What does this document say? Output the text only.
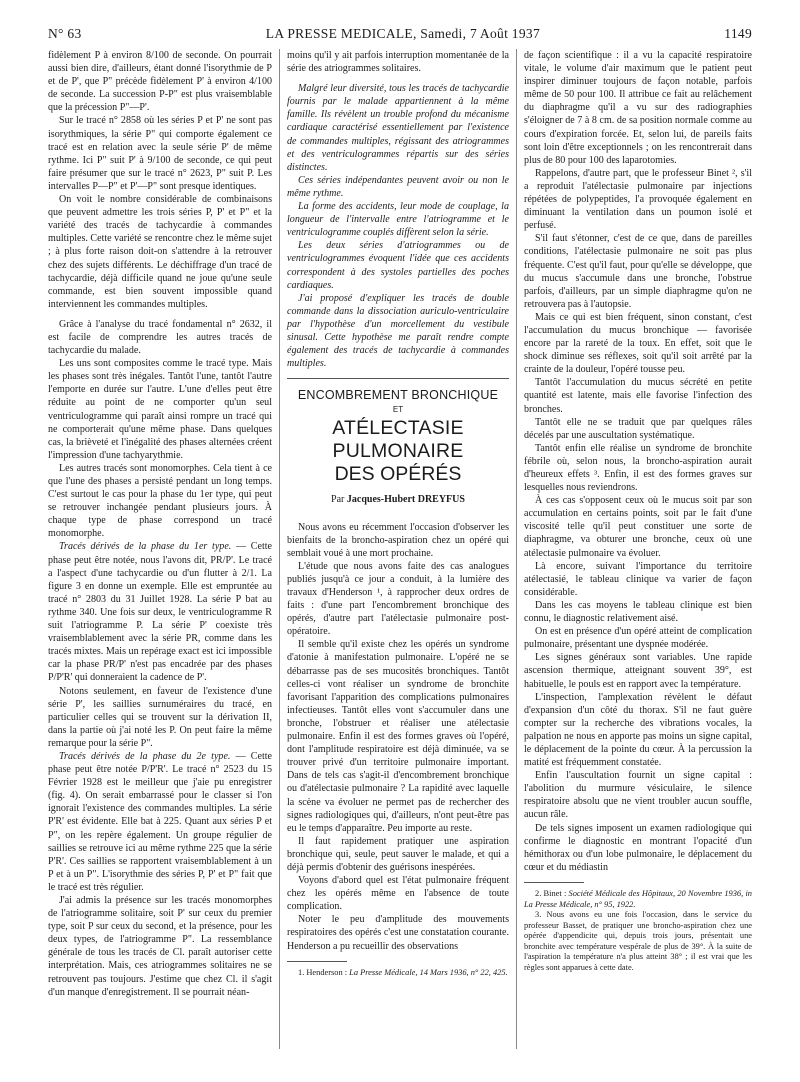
N° 63	LA PRESSE MEDICALE, Samedi, 7 Août 1937	1149

fidèlement P à environ 8/100 de seconde. On pourrait aussi bien dire, d'ailleurs, étant donné l'isorythmie de P et de P', que P" précède fidèlement P' à environ 4/100 de seconde. La succession P-P" est plus vraisemblable que la précession P"—P'.

Sur le tracé n° 2858 où les séries P et P' ne sont pas isorythmiques, la série P" qui comporte également ce tracé est en relation avec la seule série P' de même rythme. Ici P" suit P' à 9/100 de seconde, ce qui peut faire présumer que sur le tracé n° 2623, P" suit P. Les intervalles P—P" et P'—P" sont presque identiques.

On voit le nombre considérable de combinaisons que peuvent admettre les trois séries P, P' et P" et la variété des tracés de tachycardie à commandes multiples. Cette variété se rencontre chez le même sujet ; à plus forte raison doit-on s'attendre à la retrouver chez des sujets différents. Le déchiffrage d'un tracé de tachycardie, déjà difficile quand ne joue qu'une seule commande, est bien souvent impossible quand interviennent les commandes multiples.

Grâce à l'analyse du tracé fondamental n° 2632, il est facile de comprendre les autres tracés de tachycardie du malade.

Les uns sont composites comme le tracé type. Mais les phases sont très inégales. Tantôt l'une, tantôt l'autre l'emporte en durée sur l'autre. L'une d'elles peut être réduite au point de ne comporter qu'un seul ventriculogramme qui paraît ainsi rompre un tracé qui ne comporterait qu'une même phase. Dans quelques cas, la brièveté et l'inégalité des phases alternées créent l'impression d'une tachyarythmie.

Les autres tracés sont monomorphes. Cela tient à ce que l'une des phases a persisté pendant un long temps. C'est surtout le cas pour la phase du 1er type, qui peut se retrouver inchangée pendant plusieurs jours. À chaque type de phase correspond un tracé monomorphe.

Tracés dérivés de la phase du 1er type. — Cette phase peut être notée, nous l'avons dit, PR/P'. Le tracé a l'aspect d'une tachycardie ou d'un flutter à 2/1. La figure 3 en donne un exemple. Elle est empruntée au tracé n° 2803 du 31 Juillet 1928. La série P bat au rythme 340. Une fois sur deux, le ventriculogramme R suit l'atriogramme P. La série P' coexiste très vraisemblablement avec la série PR, comme dans les tracés mixtes. Mais un repérage exact est ici impossible car la phase PR/P' n'est pas encadrée par des phases P/P'R' qui donneraient la cadence de P'.

Notons seulement, en faveur de l'existence d'une série P', les saillies surnuméraires du tracé, en particulier celles qui se trouvent sur la dérivation II, dans la partie où j'ai noté les P. On peut faire la même remarque pour la série P".

Tracés dérivés de la phase du 2e type. — Cette phase peut être notée P/P'R'. Le tracé n° 2523 du 15 Février 1928 est le meilleur que j'aie pu enregistrer (fig. 4). On serait embarrassé pour le classer si l'on ignorait l'existence des commandes multiples. La série P'R' est évidente. Elle bat à 225. Quant aux séries P et P", on les repère également. Un groupe régulier de saillies se retrouve ici au même rythme 225 que la série P'R'. Ces saillies se rapportent vraisemblablement à un P et à un P". L'isorythmie des séries P, P' et P" fait que le tracé est très régulier.

J'ai admis la présence sur les tracés monomorphes de l'atriogramme solitaire, soit P' sur ceux du premier type, soit P sur ceux du second, et la présence, pour les deux types, de l'atriogramme P". La ressemblance générale de tous les tracés de Cl. paraît autoriser cette interprétation. Mais, ces atriogrammes solitaires ne se retrouvent pas toujours. J'estime que chez Cl. il s'agit d'un manque d'enregistrement. Il se pourrait néan-

moins qu'il y ait parfois interruption momentanée de la série des atriogrammes solitaires.

Malgré leur diversité, tous les tracés de tachycardie fournis par le malade appartiennent à la même famille. Ils révèlent un trouble profond du mécanisme cardiaque caractérisé essentiellement par l'existence de commandes multiples, régissant des atriogrammes et des ventriculogrammes répartis sur des séries distinctes.

Ces séries indépendantes peuvent avoir ou non le même rythme.

La forme des accidents, leur mode de couplage, la longueur de l'intervalle entre l'atriogramme et le ventriculogramme couplés diffèrent selon la série.

Les deux séries d'atriogrammes ou de ventriculogrammes évoquent l'idée que ces accidents correspondent à des systoles partielles des poches cardiaques.

J'ai proposé d'expliquer les tracés de double commande dans la dissociation auriculo-ventriculaire par l'hypothèse d'un morcellement du vestibule sinusal. Cette hypothèse me paraît rendre compte également des tracés de tachycardie à commandes multiples.

ENCOMBREMENT BRONCHIQUE
ET
ATÉLECTASIE PULMONAIRE
DES OPÉRÉS
Par Jacques-Hubert DREYFUS

Nous avons eu récemment l'occasion d'observer les bienfaits de la broncho-aspiration chez un opéré qui semblait voué à une mort prochaine.

L'étude que nous avons faite des cas analogues publiés jusqu'à ce jour a conduit, à la lumière des travaux d'Henderson ¹, à rapprocher deux ordres de faits : d'une part l'encombrement bronchique des opérés, d'autre part l'atélectasie pulmonaire post-opératoire.

Il semble qu'il existe chez les opérés un syndrome d'atonie à manifestation pulmonaire. L'opéré ne se débarrasse pas de ses mucosités bronchiques. Tantôt celles-ci vont réaliser un syndrome de bronchite favorisant l'apparition des complications pulmonaires infectieuses. Tantôt elles vont s'accumuler dans une bronche, l'obstruer et réaliser une atélectasie pulmonaire. Enfin il est des formes graves où l'opéré, dont l'amplitude respiratoire est déjà diminuée, va se trouver privé d'un territoire pulmonaire important. Dans de tels cas s'agit-il d'encombrement bronchique ou d'atélectasie pulmonaire ? La rapidité avec laquelle la scène va évoluer ne permet pas de rechercher des signes radiologiques qui, d'ailleurs, n'ont peut-être pas eu le temps d'apparaître. Peu importe au reste.

Il faut rapidement pratiquer une aspiration bronchique qui, seule, peut sauver le malade, et qui a déjà permis d'obtenir des guérisons inespérées.

Voyons d'abord quel est l'état pulmonaire fréquent chez les opérés même en l'absence de toute complication.

Noter le peu d'amplitude des mouvements respiratoires des opérés c'est une constatation courante. Henderson a pu recueillir des observations

1. Henderson : La Presse Médicale, 14 Mars 1936, n° 22, 425.

de façon scientifique : il a vu la capacité respiratoire vitale, le volume d'air maximum que le patient peut inspirer diminuer toujours de façon notable, parfois même de 50 pour 100. Il attribue ce fait au relâchement du diaphragme qu'il a vu sur des radiographies s'éloigner de 7 à 8 cm. de sa position normale comme au cours d'expiration forcée. Et, selon lui, de pareils faits sont loin d'être exceptionnels ; on les rencontrerait dans plus de 80 pour 100 des laparotomies.

Rappelons, d'autre part, que le professeur Binet ², s'il a reproduit l'atélectasie pulmonaire par injections répétées de polypeptides, l'a provoquée également en diminuant la ventilation dans un poumon isolé et perfusé.

S'il faut s'étonner, c'est de ce que, dans de pareilles conditions, l'atélectasie pulmonaire ne soit pas plus fréquente. C'est qu'il faut, pour qu'elle se développe, que du mucus s'accumule dans une bronche, l'obstrue parfois, d'ailleurs, par un simple diaphragme qu'on ne retrouvera pas à l'autopsie.

Mais ce qui est bien fréquent, sinon constant, c'est l'accumulation du mucus bronchique — favorisée encore par la rareté de la toux. En effet, soit que le shock diminue ses réflexes, soit qu'il soit arrêté par la crainte de la douleur, l'opéré tousse peu.

Tantôt l'accumulation du mucus sécrété en petite quantité est latente, mais elle favorise l'infection des bronches.

Tantôt elle ne se traduit que par quelques râles décelés par une auscultation systématique.

Tantôt enfin elle réalise un syndrome de bronchite fébrile où, selon nous, la broncho-aspiration aurait d'heureux effets ³. Enfin, il est des formes graves sur lesquelles nous reviendrons.

À ces cas s'opposent ceux où le mucus soit par son accumulation en certains points, soit par le fait d'une viscosité telle qu'il peut constituer une sorte de diaphragme, va obturer une bronche, ceux où une atélectasie pulmonaire va évoluer.

Là encore, suivant l'importance du territoire atélectasié, le tableau clinique va varier de façon considérable.

Dans les cas moyens le tableau clinique est bien connu, le diagnostic relativement aisé.

On est en présence d'un opéré atteint de complication pulmonaire, présentant une dyspnée modérée.

Les signes généraux sont variables. Une rapide ascension thermique, atteignant souvent 39°, est habituelle, le pouls est en rapport avec la température.

L'inspection, l'amplexation révèlent le défaut d'expansion d'un côté du thorax. S'il ne faut guère compter sur la recherche des vibrations vocales, la palpation ne nous en apporte pas moins un signe capital, le déplacement de la pointe du cœur. À la percussion la matité est fréquemment constatée.

Enfin l'auscultation fournit un signe capital : l'abolition du murmure vésiculaire, le silence respiratoire absolu que ne vient troubler aucun souffle, aucun râle.

De tels signes imposent un examen radiologique qui confirme le diagnostic en montrant l'opacité d'un hémithorax ou d'un lobe pulmonaire, le déplacement du cœur et du médiastin

2. Binet : Société Médicale des Hôpitaux, 20 Novembre 1936, in La Presse Médicale, n° 95, 1922.

3. Nous avons eu une fois l'occasion, dans le service du professeur Basset, de pratiquer une broncho-aspiration chez une opérée d'appendicite qui, depuis trois jours, présentait une bronchite avec température vespérale de plus de 39°. À la suite de l'aspiration la température n'a plus atteint 38° ; il est vrai que les règles sont apparues à cette date.
